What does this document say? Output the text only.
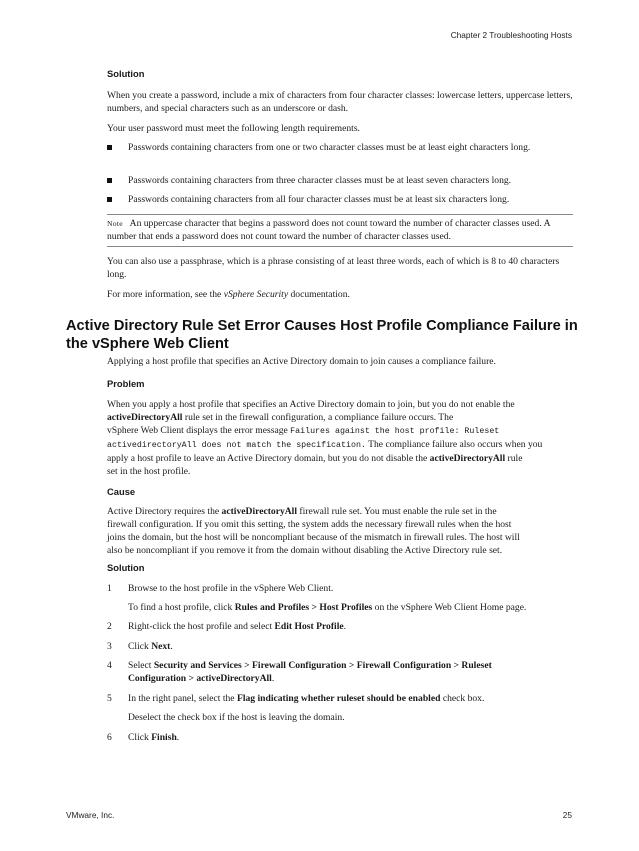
Chapter 2 Troubleshooting Hosts
Solution
When you create a password, include a mix of characters from four character classes: lowercase letters, uppercase letters, numbers, and special characters such as an underscore or dash.
Your user password must meet the following length requirements.
Passwords containing characters from one or two character classes must be at least eight characters long.
Passwords containing characters from three character classes must be at least seven characters long.
Passwords containing characters from all four character classes must be at least six characters long.
Note An uppercase character that begins a password does not count toward the number of character classes used. A number that ends a password does not count toward the number of character classes used.
You can also use a passphrase, which is a phrase consisting of at least three words, each of which is 8 to 40 characters long.
For more information, see the vSphere Security documentation.
Active Directory Rule Set Error Causes Host Profile Compliance Failure in the vSphere Web Client
Applying a host profile that specifies an Active Directory domain to join causes a compliance failure.
Problem
When you apply a host profile that specifies an Active Directory domain to join, but you do not enable the
activeDirectoryAll rule set in the firewall configuration, a compliance failure occurs. The
vSphere Web Client displays the error message Failures against the host profile: Ruleset
activedirectoryAll does not match the specification. The compliance failure also occurs when you
apply a host profile to leave an Active Directory domain, but you do not disable the activeDirectoryAll rule
set in the host profile.
Cause
Active Directory requires the activeDirectoryAll firewall rule set. You must enable the rule set in the
firewall configuration. If you omit this setting, the system adds the necessary firewall rules when the host
joins the domain, but the host will be noncompliant because of the mismatch in firewall rules. The host will
also be noncompliant if you remove it from the domain without disabling the Active Directory rule set.
Solution
1 Browse to the host profile in the vSphere Web Client.
To find a host profile, click Rules and Profiles > Host Profiles on the vSphere Web Client Home page.
2 Right-click the host profile and select Edit Host Profile.
3 Click Next.
4 Select Security and Services > Firewall Configuration > Firewall Configuration > Ruleset
Configuration > activeDirectoryAll.
5 In the right panel, select the Flag indicating whether ruleset should be enabled check box.
Deselect the check box if the host is leaving the domain.
6 Click Finish.
VMware, Inc.	25
